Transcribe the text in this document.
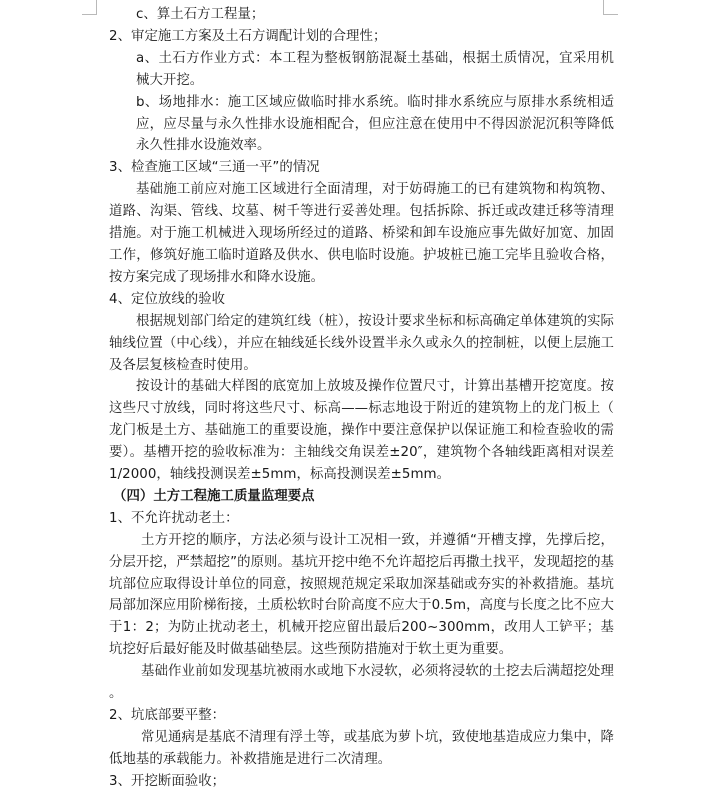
c、算土石方工程量；

2、审定施工方案及土石方调配计划的合理性；

a、土石方作业方式：本工程为整板钢筋混凝土基础，根据土质情况，宜采用机械大开挖。

b、场地排水：施工区域应做临时排水系统。临时排水系统应与原排水系统相适应，应尽量与永久性排水设施相配合，但应注意在使用中不得因淤泥沉积等降低永久性排水设施效率。

3、检查施工区域“三通一平”的情况

基础施工前应对施工区域进行全面清理，对于妨碍施工的已有建筑物和构筑物、道路、沟渠、管线、坟墓、树千等进行妥善处理。包括拆除、拆迁或改建迁移等清理措施。对于施工机械进入现场所经过的道路、桥梁和卸车设施应事先做好加宽、加固工作，修筑好施工临时道路及供水、供电临时设施。护坡桩已施工完毕且验收合格，按方案完成了现场排水和降水设施。

4、定位放线的验收

根据规划部门给定的建筑红线（桩），按设计要求坐标和标高确定单体建筑的实际轴线位置（中心线），并应在轴线延长线外设置半永久或永久的控制桩，以便上层施工及各层复核检查时使用。

按设计的基础大样图的底宽加上放坡及操作位置尺寸，计算出基槽开挖宽度。按这些尺寸放线，同时将这些尺寸、标高——标志地设于附近的建筑物上的龙门板上（龙门板是土方、基础施工的重要设施，操作中要注意保护以保证施工和检查验收的需要）。基槽开挖的验收标准为：主轴线交角误差±20″，建筑物个各轴线距离相对误差1/2000，轴线投测误差±5mm，标高投测误差±5mm。

（四）土方工程施工质量监理要点

1、不允许扰动老土：

土方开挖的顺序，方法必须与设计工况相一致，并遵循“开槽支撑，先撑后挖，分层开挖，严禁超挖”的原则。基坑开挖中绝不允许超挖后再撒土找平，发现超挖的基坑部位应取得设计单位的同意，按照规范规定采取加深基础或夯实的补救措施。基坑局部加深应用阶梯衔接，土质松软时台阶高度不应大于0.5m，高度与长度之比不应大于1：2；为防止扰动老土，机械开挖应留出最后200~300mm，改用人工铲平；基坑挖好后最好能及时做基础垫层。这些预防措施对于软土更为重要。

基础作业前如发现基坑被雨水或地下水浸软，必须将浸软的土挖去后满超挖处理。

2、坑底部要平整：

常见通病是基底不清理有浮土等，或基底为萝卜坑，致使地基造成应力集中，降低地基的承载能力。补救措施是进行二次清理。

3、开挖断面验收；
